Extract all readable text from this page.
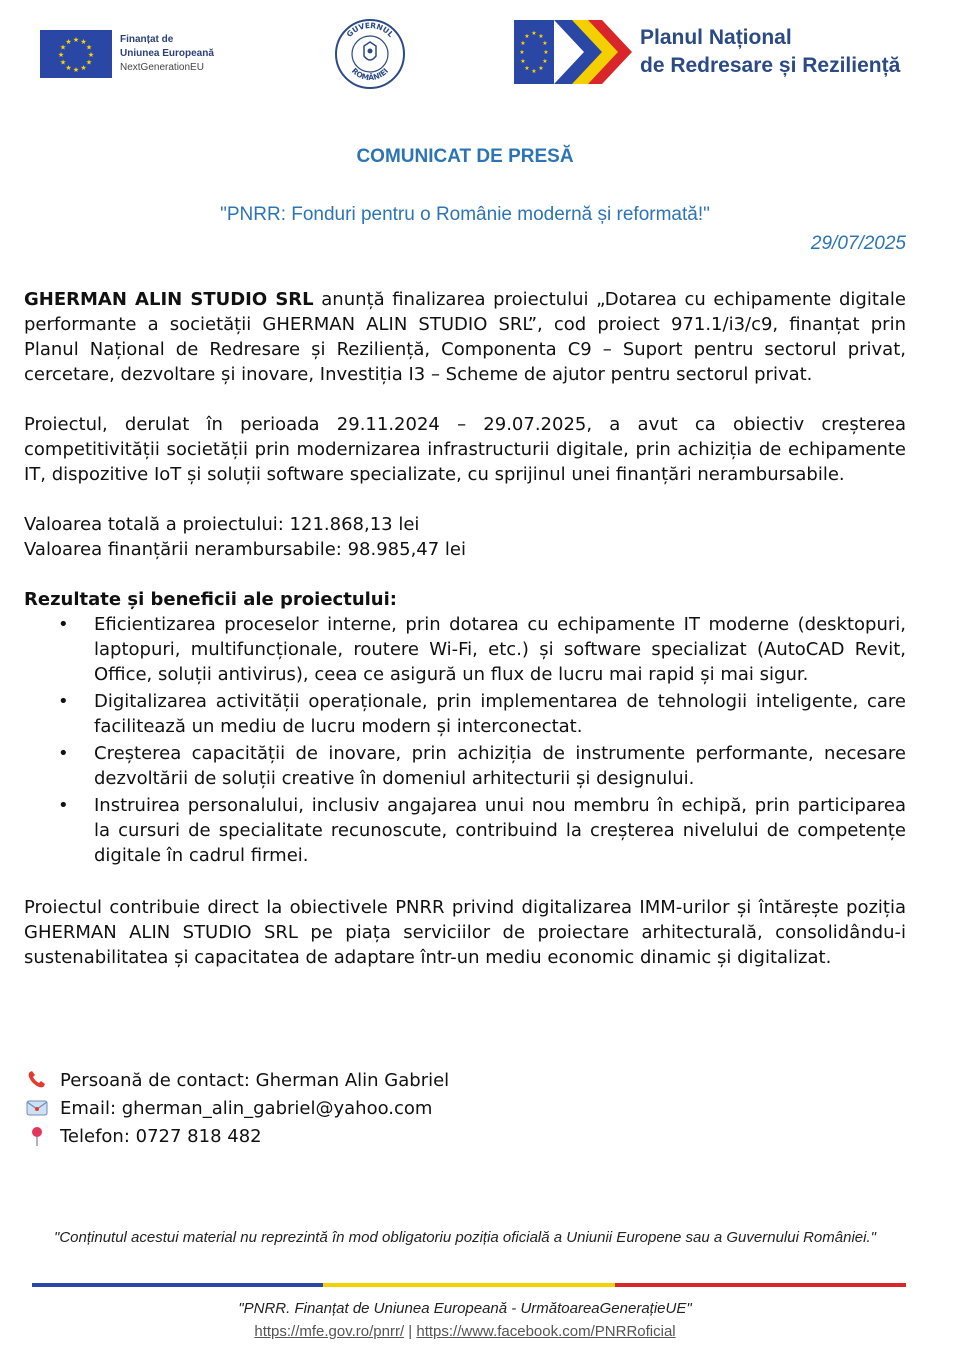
★ ★
★
★
★
★
★
★
★
★
★
★	Finanțat de
Uniunea Europeană
NextGenerationEU
GUVERNUL
ROMÂNIEI
★ ★
★
★
★
★
★
★
★
★
★
★	Planul Național
de Redresare și Reziliență
COMUNICAT DE PRESĂ
"PNRR: Fonduri pentru o Românie modernă și reformată!"
29/07/2025

GHERMAN ALIN STUDIO SRL anunță finalizarea proiectului „Dotarea cu echipamente digitale performante a societății GHERMAN ALIN STUDIO SRL”, cod proiect 971.1/i3/c9, finanțat prin Planul Național de Redresare și Reziliență, Componenta C9 – Suport pentru sectorul privat, cercetare, dezvoltare și inovare, Investiția I3 – Scheme de ajutor pentru sectorul privat.

Proiectul, derulat în perioada 29.11.2024 – 29.07.2025, a avut ca obiectiv creșterea competitivității societății prin modernizarea infrastructurii digitale, prin achiziția de echipamente IT, dispozitive IoT și soluții software specializate, cu sprijinul unei finanțări nerambursabile.

Valoarea totală a proiectului: 121.868,13 lei
Valoarea finanțării nerambursabile: 98.985,47 lei
Rezultate și beneficii ale proiectului:
• Eficientizarea proceselor interne, prin dotarea cu echipamente IT moderne (desktopuri, laptopuri, multifuncționale, routere Wi-Fi, etc.) și software specializat (AutoCAD Revit, Office, soluții antivirus), ceea ce asigură un flux de lucru mai rapid și mai sigur.
• Digitalizarea activității operaționale, prin implementarea de tehnologii inteligente, care facilitează un mediu de lucru modern și interconectat.
• Creșterea capacității de inovare, prin achiziția de instrumente performante, necesare dezvoltării de soluții creative în domeniul arhitecturii și designului.
• Instruirea personalului, inclusiv angajarea unui nou membru în echipă, prin participarea la cursuri de specialitate recunoscute, contribuind la creșterea nivelului de competențe digitale în cadrul firmei.

Proiectul contribuie direct la obiectivele PNRR privind digitalizarea IMM-urilor și întărește poziția GHERMAN ALIN STUDIO SRL pe piața serviciilor de proiectare arhitecturală, consolidându-i sustenabilitatea și capacitatea de adaptare într-un mediu economic dinamic și digitalizat.

Persoană de contact: Gherman Alin Gabriel
Email: gherman_alin_gabriel@yahoo.com
Telefon: 0727 818 482
"Conținutul acestui material nu reprezintă în mod obligatoriu poziția oficială a Uniunii Europene sau a Guvernului României."
"PNRR. Finanțat de Uniunea Europeană - UrmătoareaGenerațieUE"
https://mfe.gov.ro/pnrr/ | https://www.facebook.com/PNRRoficial
